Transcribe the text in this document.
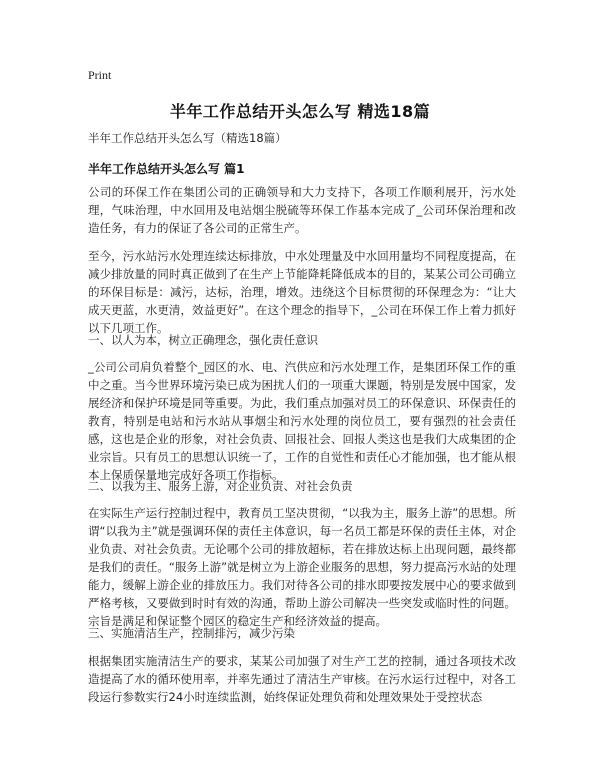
Print
半年工作总结开头怎么写 精选18篇
半年工作总结开头怎么写（精选18篇）
半年工作总结开头怎么写 篇1
公司的环保工作在集团公司的正确领导和大力支持下，各项工作顺利展开，污水处理，气味治理，中水回用及电站烟尘脱硫等环保工作基本完成了_公司环保治理和改造任务，有力的保证了各公司的正常生产。
至今，污水站污水处理连续达标排放，中水处理量及中水回用量均不同程度提高，在减少排放量的同时真正做到了在生产上节能降耗降低成本的目的，某某公司公司确立的环保目标是：减污，达标，治理，增效。违绕这个目标贯彻的环保理念为：“让大成天更蓝，水更清，效益更好”。在这个理念的指导下，_公司在环保工作上着力抓好以下几项工作。
一、以人为本，树立正确理念，强化责任意识
_公司公司肩负着整个_园区的水、电、汽供应和污水处理工作，是集团环保工作的重中之重。当今世界环境污染已成为困扰人们的一项重大课题，特别是发展中国家，发展经济和保护环境是同等重要。为此，我们重点加强对员工的环保意识、环保责任的教育，特别是电站和污水站从事烟尘和污水处理的岗位员工，要有强烈的社会责任感，这也是企业的形象，对社会负责、回报社会、回报人类这也是我们大成集团的企业宗旨。只有员工的思想认识统一了，工作的自觉性和责任心才能加强，也才能从根本上保质保量地完成好各项工作指标。
二、以我为主、服务上游，对企业负责、对社会负责
在实际生产运行控制过程中，教育员工坚决贯彻，“以我为主，服务上游”的思想。所谓“以我为主”就是强调环保的责任主体意识，每一名员工都是环保的责任主体，对企业负责、对社会负责。无论哪个公司的排放超标，若在排放达标上出现问题，最终都是我们的责任。“服务上游”就是树立为上游企业服务的思想，努力提高污水站的处理能力，缓解上游企业的排放压力。我们对待各公司的排水即要按发展中心的要求做到严格考核，又要做到时时有效的沟通，帮助上游公司解决一些突发或临时性的问题。宗旨是满足和保证整个园区的稳定生产和经济效益的提高。
三、实施清洁生产，控制排污，减少污染
根据集团实施清洁生产的要求，某某公司加强了对生产工艺的控制，通过各项技术改造提高了水的循环使用率，并率先通过了清洁生产审核。在污水运行过程中，对各工段运行参数实行24小时连续监测，始终保证处理负荷和处理效果处于受控状态
